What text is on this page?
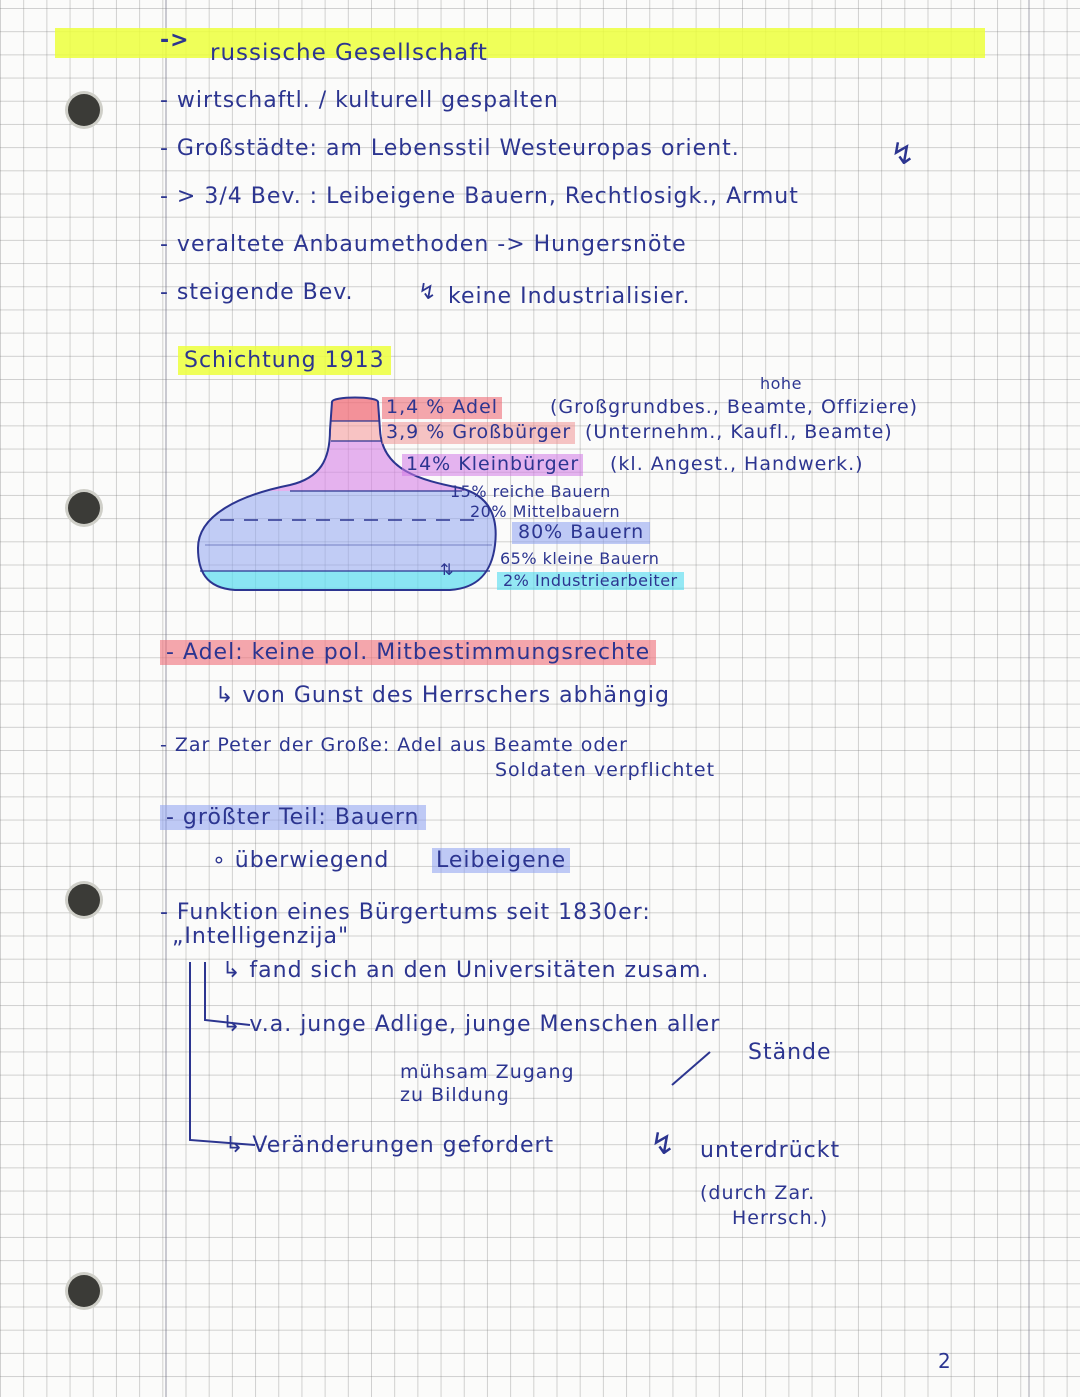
-> russische Gesellschaft
- wirtschaftl. / kulturell gespalten
- Großstädte: am Lebensstil Westeuropas orient.
- > 3/4 Bev. : Leibeigene Bauern, Rechtlosigk., Armut
- veraltete Anbaumethoden -> Hungersnöte
- steigende Bev.	↯ keine Industrialisier.
↯
Schichtung 1913
hohe
1,4 % Adel	(Großgrundbes., Beamte, Offiziere)
3,9 % Großbürger (Unternehm., Kaufl., Beamte)
14% Kleinbürger (kl. Angest., Handwerk.)
15% reiche Bauern
20% Mittelbauern
80% Bauern
65% kleine Bauern
2% Industriearbeiter
⇅
- Adel: keine pol. Mitbestimmungsrechte
↳ von Gunst des Herrschers abhängig
- Zar Peter der Große: Adel aus Beamte oder
Soldaten verpflichtet
- größter Teil: Bauern
∘ überwiegend Leibeigene
- Funktion eines Bürgertums seit 1830er:
„Intelligenzija"
↳ fand sich an den Universitäten zusam.
↳ v.a. junge Adlige, junge Menschen aller
Stände
mühsam Zugang
zu Bildung
↳ Veränderungen gefordert	↯ unterdrückt
(durch Zar.
Herrsch.)
2
